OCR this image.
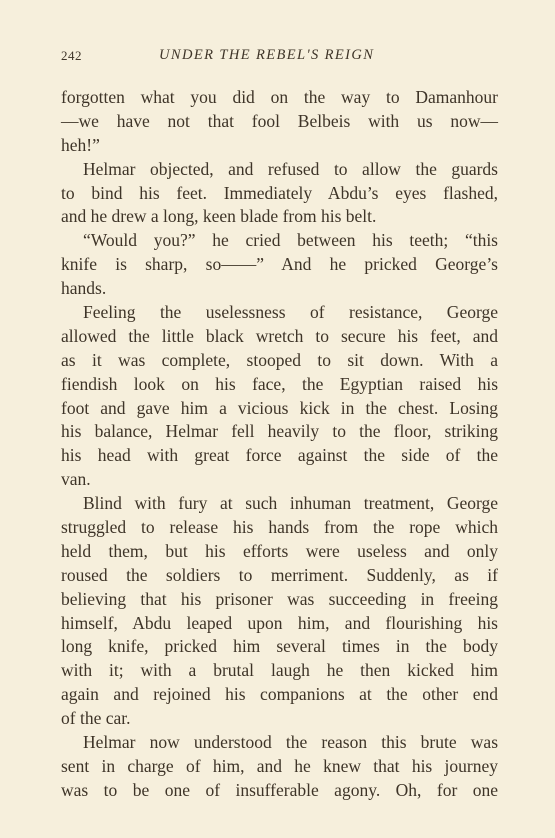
242	UNDER THE REBEL'S REIGN
forgotten what you did on the way to Damanhour
—we have not that fool Belbeis with us now—
heh!”
Helmar objected, and refused to allow the guards
to bind his feet. Immediately Abdu’s eyes flashed,
and he drew a long, keen blade from his belt.
“Would you?” he cried between his teeth; “this
knife is sharp, so——” And he pricked George’s
hands.
Feeling the uselessness of resistance, George
allowed the little black wretch to secure his feet, and
as it was complete, stooped to sit down. With a
fiendish look on his face, the Egyptian raised his
foot and gave him a vicious kick in the chest. Losing
his balance, Helmar fell heavily to the floor, striking
his head with great force against the side of the
van.
Blind with fury at such inhuman treatment, George
struggled to release his hands from the rope which
held them, but his efforts were useless and only
roused the soldiers to merriment. Suddenly, as if
believing that his prisoner was succeeding in freeing
himself, Abdu leaped upon him, and flourishing his
long knife, pricked him several times in the body
with it; with a brutal laugh he then kicked him
again and rejoined his companions at the other end
of the car.
Helmar now understood the reason this brute was
sent in charge of him, and he knew that his journey
was to be one of insufferable agony. Oh, for one
